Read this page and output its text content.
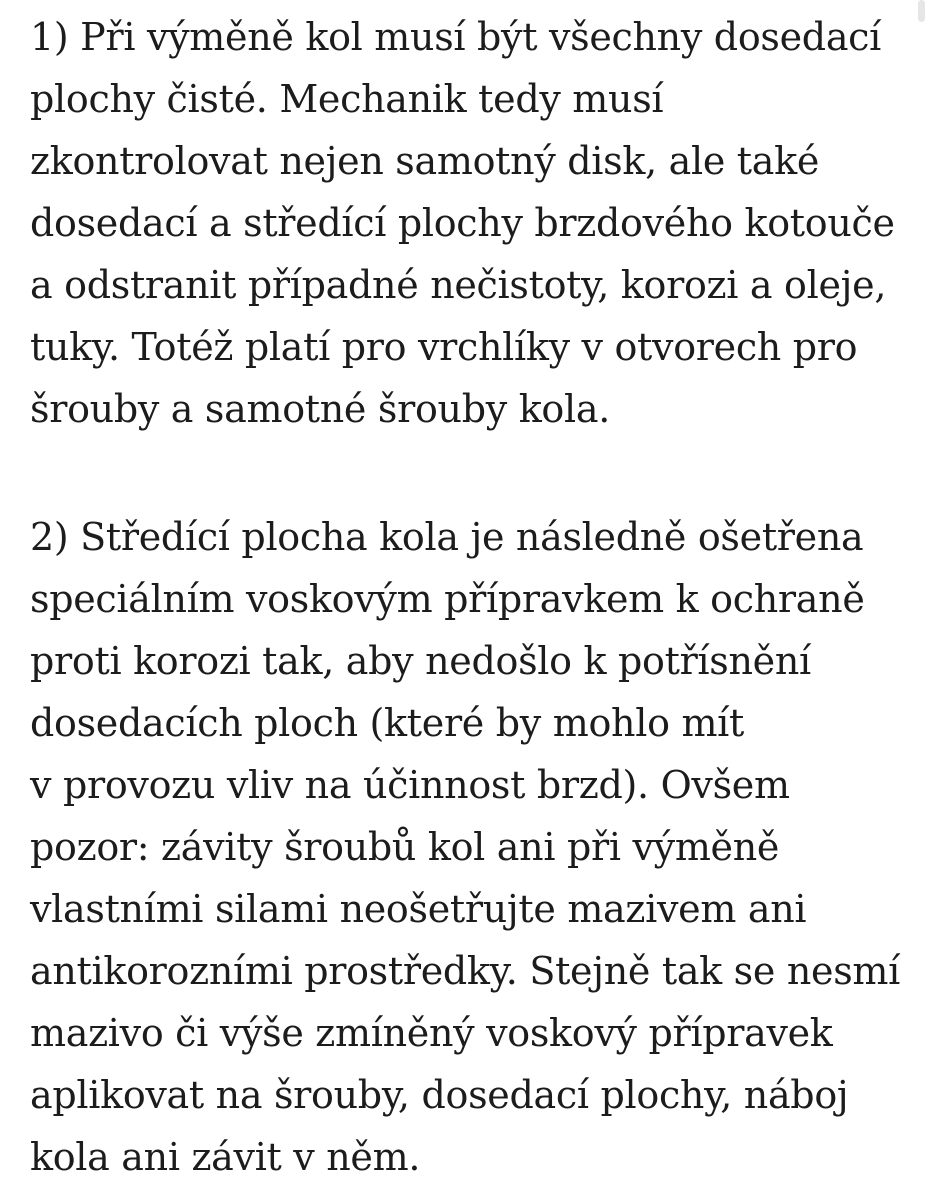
1) Při výměně kol musí být všechny dosedací
plochy čisté. Mechanik tedy musí
zkontrolovat nejen samotný disk, ale také
dosedací a středící plochy brzdového kotouče
a odstranit případné nečistoty, korozi a oleje,
tuky. Totéž platí pro vrchlíky v otvorech pro
šrouby a samotné šrouby kola.

2) Středící plocha kola je následně ošetřena
speciálním voskovým přípravkem k ochraně
proti korozi tak, aby nedošlo k potřísnění
dosedacích ploch (které by mohlo mít
v provozu vliv na účinnost brzd). Ovšem
pozor: závity šroubů kol ani při výměně
vlastními silami neošetřujte mazivem ani
antikorozními prostředky. Stejně tak se nesmí
mazivo či výše zmíněný voskový přípravek
aplikovat na šrouby, dosedací plochy, náboj
kola ani závit v něm.
